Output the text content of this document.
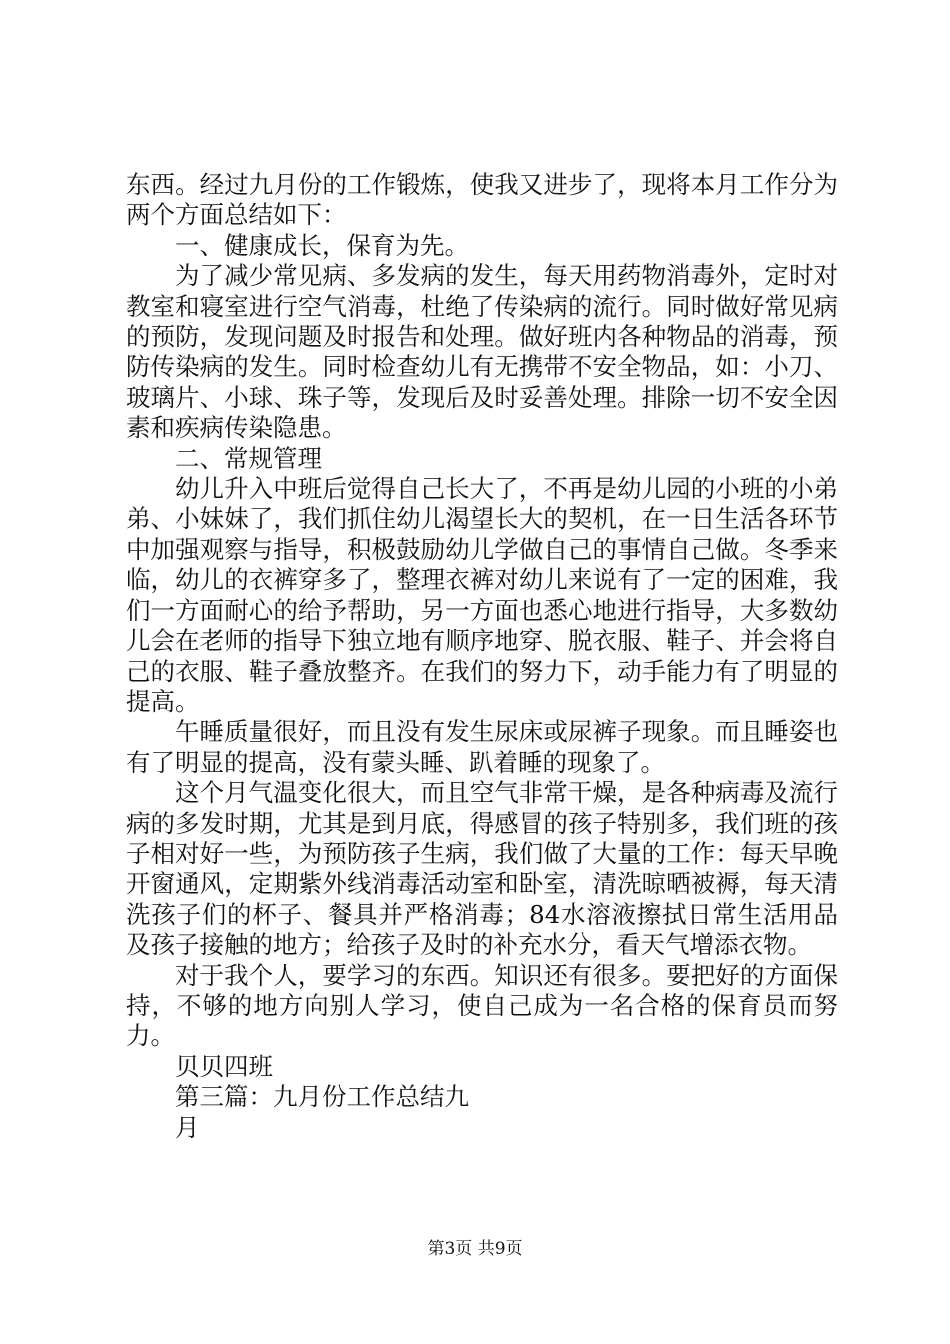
东西。经过九月份的工作锻炼，使我又进步了，现将本月工作分为两个方面总结如下：

一、健康成长，保育为先。

为了减少常见病、多发病的发生，每天用药物消毒外，定时对教室和寝室进行空气消毒，杜绝了传染病的流行。同时做好常见病的预防，发现问题及时报告和处理。做好班内各种物品的消毒，预防传染病的发生。同时检查幼儿有无携带不安全物品，如：小刀、玻璃片、小球、珠子等，发现后及时妥善处理。排除一切不安全因素和疾病传染隐患。

二、常规管理

幼儿升入中班后觉得自己长大了，不再是幼儿园的小班的小弟弟、小妹妹了，我们抓住幼儿渴望长大的契机，在一日生活各环节中加强观察与指导，积极鼓励幼儿学做自己的事情自己做。冬季来临，幼儿的衣裤穿多了，整理衣裤对幼儿来说有了一定的困难，我们一方面耐心的给予帮助，另一方面也悉心地进行指导，大多数幼儿会在老师的指导下独立地有顺序地穿、脱衣服、鞋子、并会将自己的衣服、鞋子叠放整齐。在我们的努力下，动手能力有了明显的提高。

午睡质量很好，而且没有发生尿床或尿裤子现象。而且睡姿也有了明显的提高，没有蒙头睡、趴着睡的现象了。

这个月气温变化很大，而且空气非常干燥，是各种病毒及流行病的多发时期，尤其是到月底，得感冒的孩子特别多，我们班的孩子相对好一些，为预防孩子生病，我们做了大量的工作：每天早晚开窗通风，定期紫外线消毒活动室和卧室，清洗晾晒被褥，每天清洗孩子们的杯子、餐具并严格消毒；84水溶液擦拭日常生活用品及孩子接触的地方；给孩子及时的补充水分，看天气增添衣物。

对于我个人，要学习的东西。知识还有很多。要把好的方面保持，不够的地方向别人学习，使自己成为一名合格的保育员而努力。

贝贝四班

第三篇：九月份工作总结九

月

第3页 共9页
